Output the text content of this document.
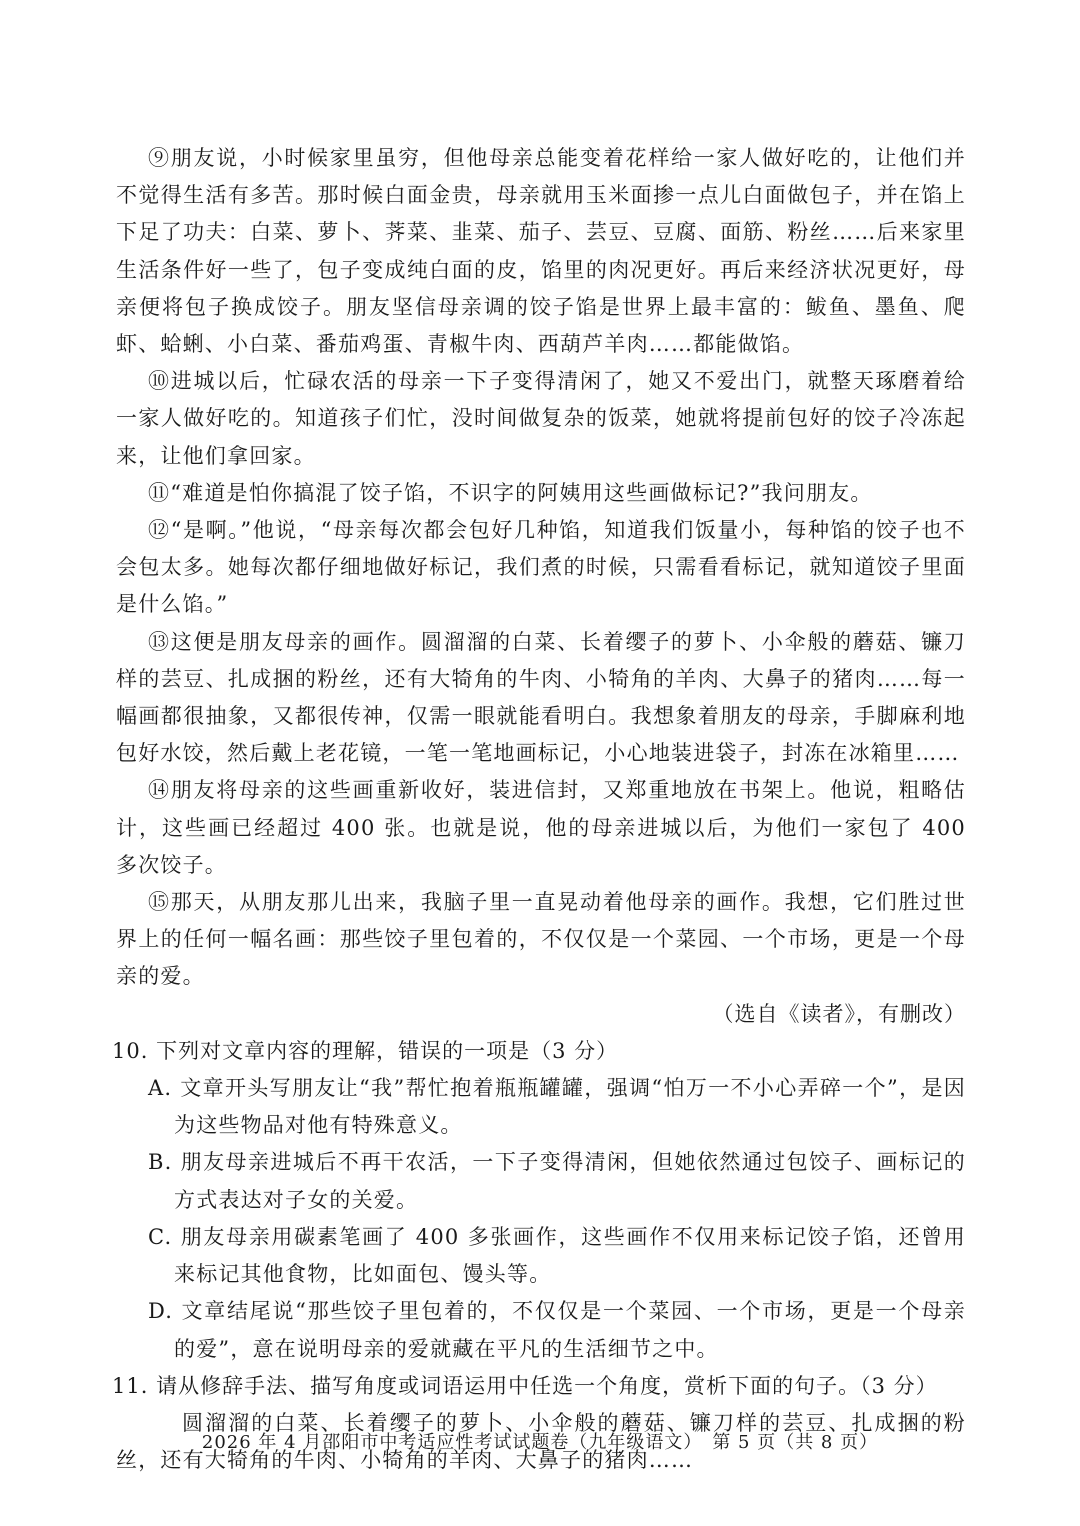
⑨朋友说，小时候家里虽穷，但他母亲总能变着花样给一家人做好吃的，让他们并不觉得生活有多苦。那时候白面金贵，母亲就用玉米面掺一点儿白面做包子，并在馅上下足了功夫：白菜、萝卜、荠菜、韭菜、茄子、芸豆、豆腐、面筋、粉丝……后来家里生活条件好一些了，包子变成纯白面的皮，馅里的肉况更好。再后来经济状况更好，母亲便将包子换成饺子。朋友坚信母亲调的饺子馅是世界上最丰富的：鲅鱼、墨鱼、爬虾、蛤蜊、小白菜、番茄鸡蛋、青椒牛肉、西葫芦羊肉……都能做馅。

⑩进城以后，忙碌农活的母亲一下子变得清闲了，她又不爱出门，就整天琢磨着给一家人做好吃的。知道孩子们忙，没时间做复杂的饭菜，她就将提前包好的饺子冷冻起来，让他们拿回家。

⑪“难道是怕你搞混了饺子馅，不识字的阿姨用这些画做标记?”我问朋友。

⑫“是啊。”他说，“母亲每次都会包好几种馅，知道我们饭量小，每种馅的饺子也不会包太多。她每次都仔细地做好标记，我们煮的时候，只需看看标记，就知道饺子里面是什么馅。”

⑬这便是朋友母亲的画作。圆溜溜的白菜、长着缨子的萝卜、小伞般的蘑菇、镰刀样的芸豆、扎成捆的粉丝，还有大犄角的牛肉、小犄角的羊肉、大鼻子的猪肉……每一幅画都很抽象，又都很传神，仅需一眼就能看明白。我想象着朋友的母亲，手脚麻利地包好水饺，然后戴上老花镜，一笔一笔地画标记，小心地装进袋子，封冻在冰箱里……

⑭朋友将母亲的这些画重新收好，装进信封，又郑重地放在书架上。他说，粗略估计，这些画已经超过 400 张。也就是说，他的母亲进城以后，为他们一家包了 400 多次饺子。

⑮那天，从朋友那儿出来，我脑子里一直晃动着他母亲的画作。我想，它们胜过世界上的任何一幅名画：那些饺子里包着的，不仅仅是一个菜园、一个市场，更是一个母亲的爱。

（选自《读者》，有删改）

10. 下列对文章内容的理解，错误的一项是（3 分）

A. 文章开头写朋友让“我”帮忙抱着瓶瓶罐罐，强调“怕万一不小心弄碎一个”，是因为这些物品对他有特殊意义。

B. 朋友母亲进城后不再干农活，一下子变得清闲，但她依然通过包饺子、画标记的方式表达对子女的关爱。

C. 朋友母亲用碳素笔画了 400 多张画作，这些画作不仅用来标记饺子馅，还曾用来标记其他食物，比如面包、馒头等。

D. 文章结尾说“那些饺子里包着的，不仅仅是一个菜园、一个市场，更是一个母亲的爱”，意在说明母亲的爱就藏在平凡的生活细节之中。

11. 请从修辞手法、描写角度或词语运用中任选一个角度，赏析下面的句子。（3 分）

圆溜溜的白菜、长着缨子的萝卜、小伞般的蘑菇、镰刀样的芸豆、扎成捆的粉丝，还有大犄角的牛肉、小犄角的羊肉、大鼻子的猪肉……

2026 年 4 月邵阳市中考适应性考试试题卷（九年级语文）　第 5 页（共 8 页）
